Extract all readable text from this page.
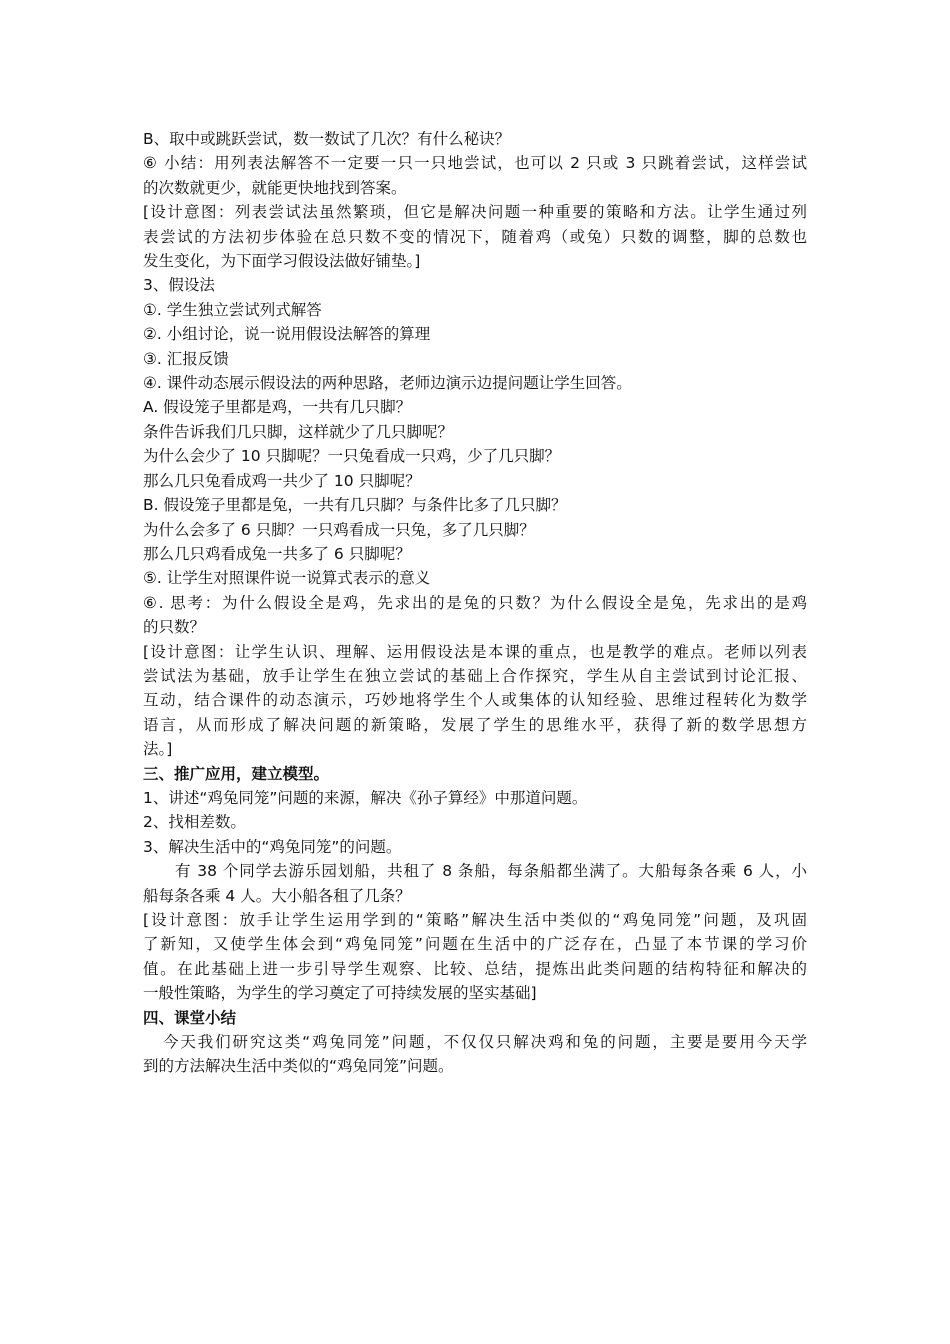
B、取中或跳跃尝试，数一数试了几次？有什么秘诀？
⑥ 小结：用列表法解答不一定要一只一只地尝试，也可以 2 只或 3 只跳着尝试，这样尝试
的次数就更少，就能更快地找到答案。
[设计意图：列表尝试法虽然繁琐，但它是解决问题一种重要的策略和方法。让学生通过列
表尝试的方法初步体验在总只数不变的情况下，随着鸡（或兔）只数的调整，脚的总数也
发生变化，为下面学习假设法做好铺垫。]
3、假设法
①. 学生独立尝试列式解答
②. 小组讨论，说一说用假设法解答的算理
③. 汇报反馈
④. 课件动态展示假设法的两种思路，老师边演示边提问题让学生回答。
A. 假设笼子里都是鸡，一共有几只脚？
条件告诉我们几只脚，这样就少了几只脚呢？
为什么会少了 10 只脚呢？一只兔看成一只鸡，少了几只脚？
那么几只兔看成鸡一共少了 10 只脚呢？
B. 假设笼子里都是兔，一共有几只脚？与条件比多了几只脚？
为什么会多了 6 只脚？一只鸡看成一只兔，多了几只脚？
那么几只鸡看成兔一共多了 6 只脚呢？
⑤. 让学生对照课件说一说算式表示的意义
⑥. 思考：为什么假设全是鸡，先求出的是兔的只数？为什么假设全是兔，先求出的是鸡
的只数？
[设计意图：让学生认识、理解、运用假设法是本课的重点，也是教学的难点。老师以列表
尝试法为基础，放手让学生在独立尝试的基础上合作探究，学生从自主尝试到讨论汇报、
互动，结合课件的动态演示，巧妙地将学生个人或集体的认知经验、思维过程转化为数学
语言，从而形成了解决问题的新策略，发展了学生的思维水平，获得了新的数学思想方
法。]
三、推广应用，建立模型。
1、讲述“鸡兔同笼”问题的来源，解决《孙子算经》中那道问题。
2、找相差数。
3、解决生活中的“鸡兔同笼”的问题。
有 38 个同学去游乐园划船，共租了 8 条船，每条船都坐满了。大船每条各乘 6 人，小
船每条各乘 4 人。大小船各租了几条？
[设计意图：放手让学生运用学到的“策略”解决生活中类似的“鸡兔同笼”问题，及巩固
了新知，又使学生体会到“鸡兔同笼”问题在生活中的广泛存在，凸显了本节课的学习价
值。在此基础上进一步引导学生观察、比较、总结，提炼出此类问题的结构特征和解决的
一般性策略，为学生的学习奠定了可持续发展的坚实基础]
四、课堂小结
今天我们研究这类“鸡兔同笼”问题，不仅仅只解决鸡和兔的问题，主要是要用今天学
到的方法解决生活中类似的“鸡兔同笼”问题。
